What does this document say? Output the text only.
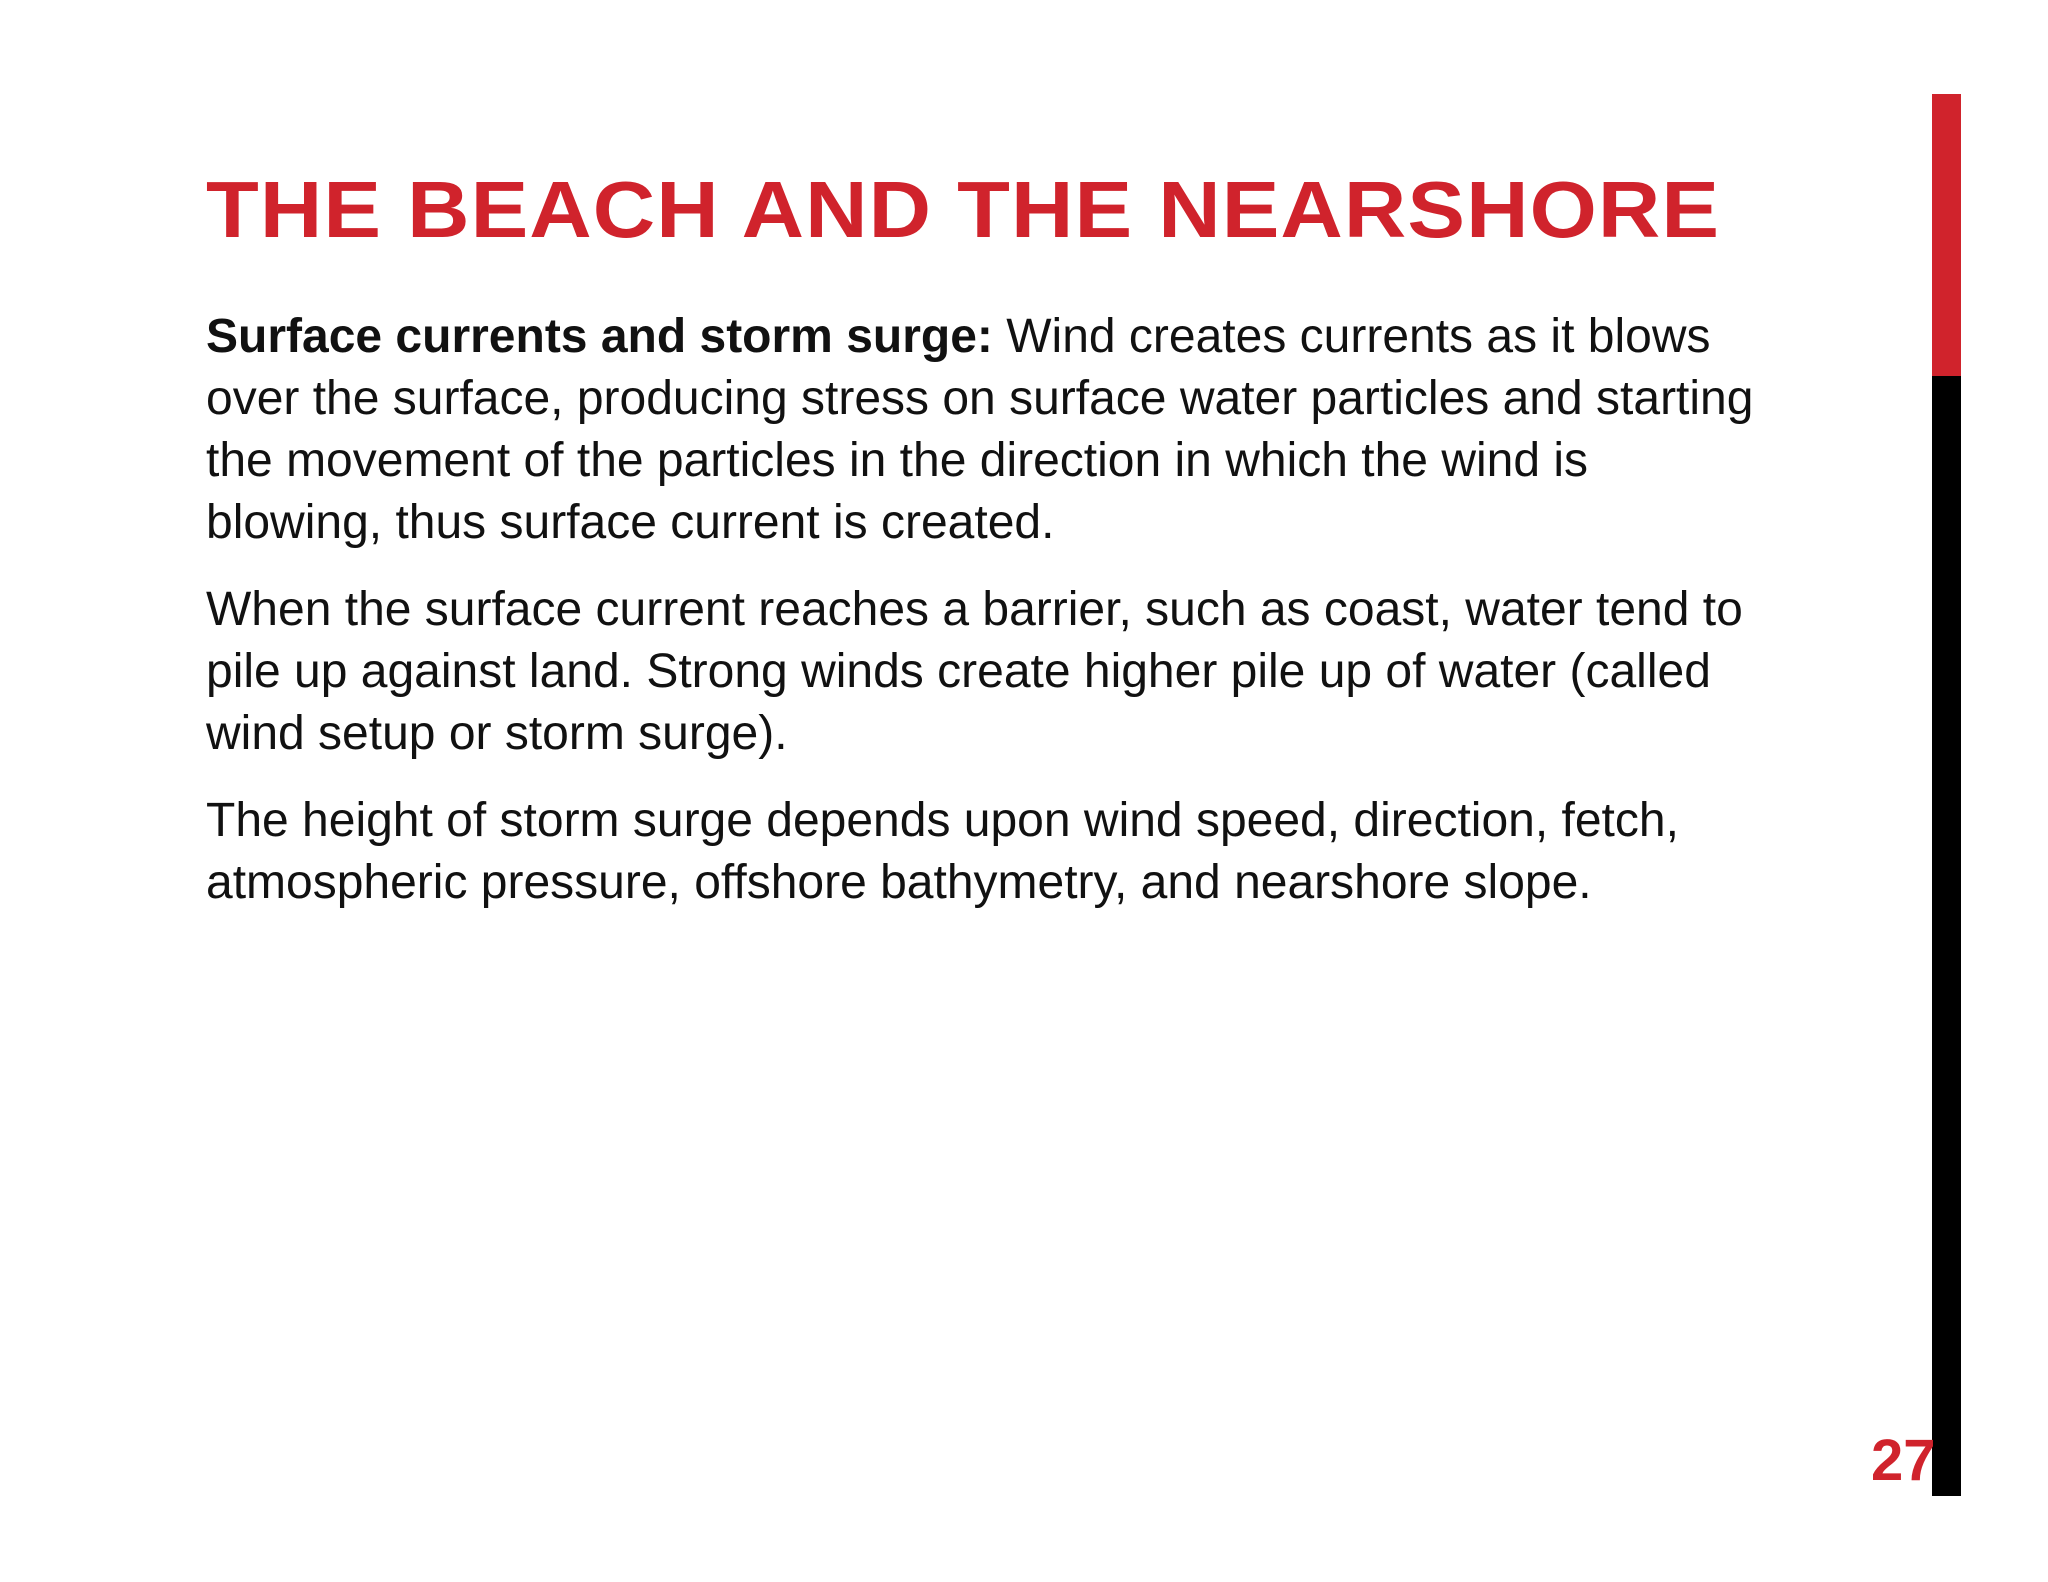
THE BEACH AND THE NEARSHORE

Surface currents and storm surge: Wind creates currents as it blows
over the surface, producing stress on surface water particles and starting
the movement of the particles in the direction in which the wind is
blowing, thus surface current is created.

When the surface current reaches a barrier, such as coast, water tend to
pile up against land. Strong winds create higher pile up of water (called
wind setup or storm surge).

The height of storm surge depends upon wind speed, direction, fetch,
atmospheric pressure, offshore bathymetry, and nearshore slope.

27
